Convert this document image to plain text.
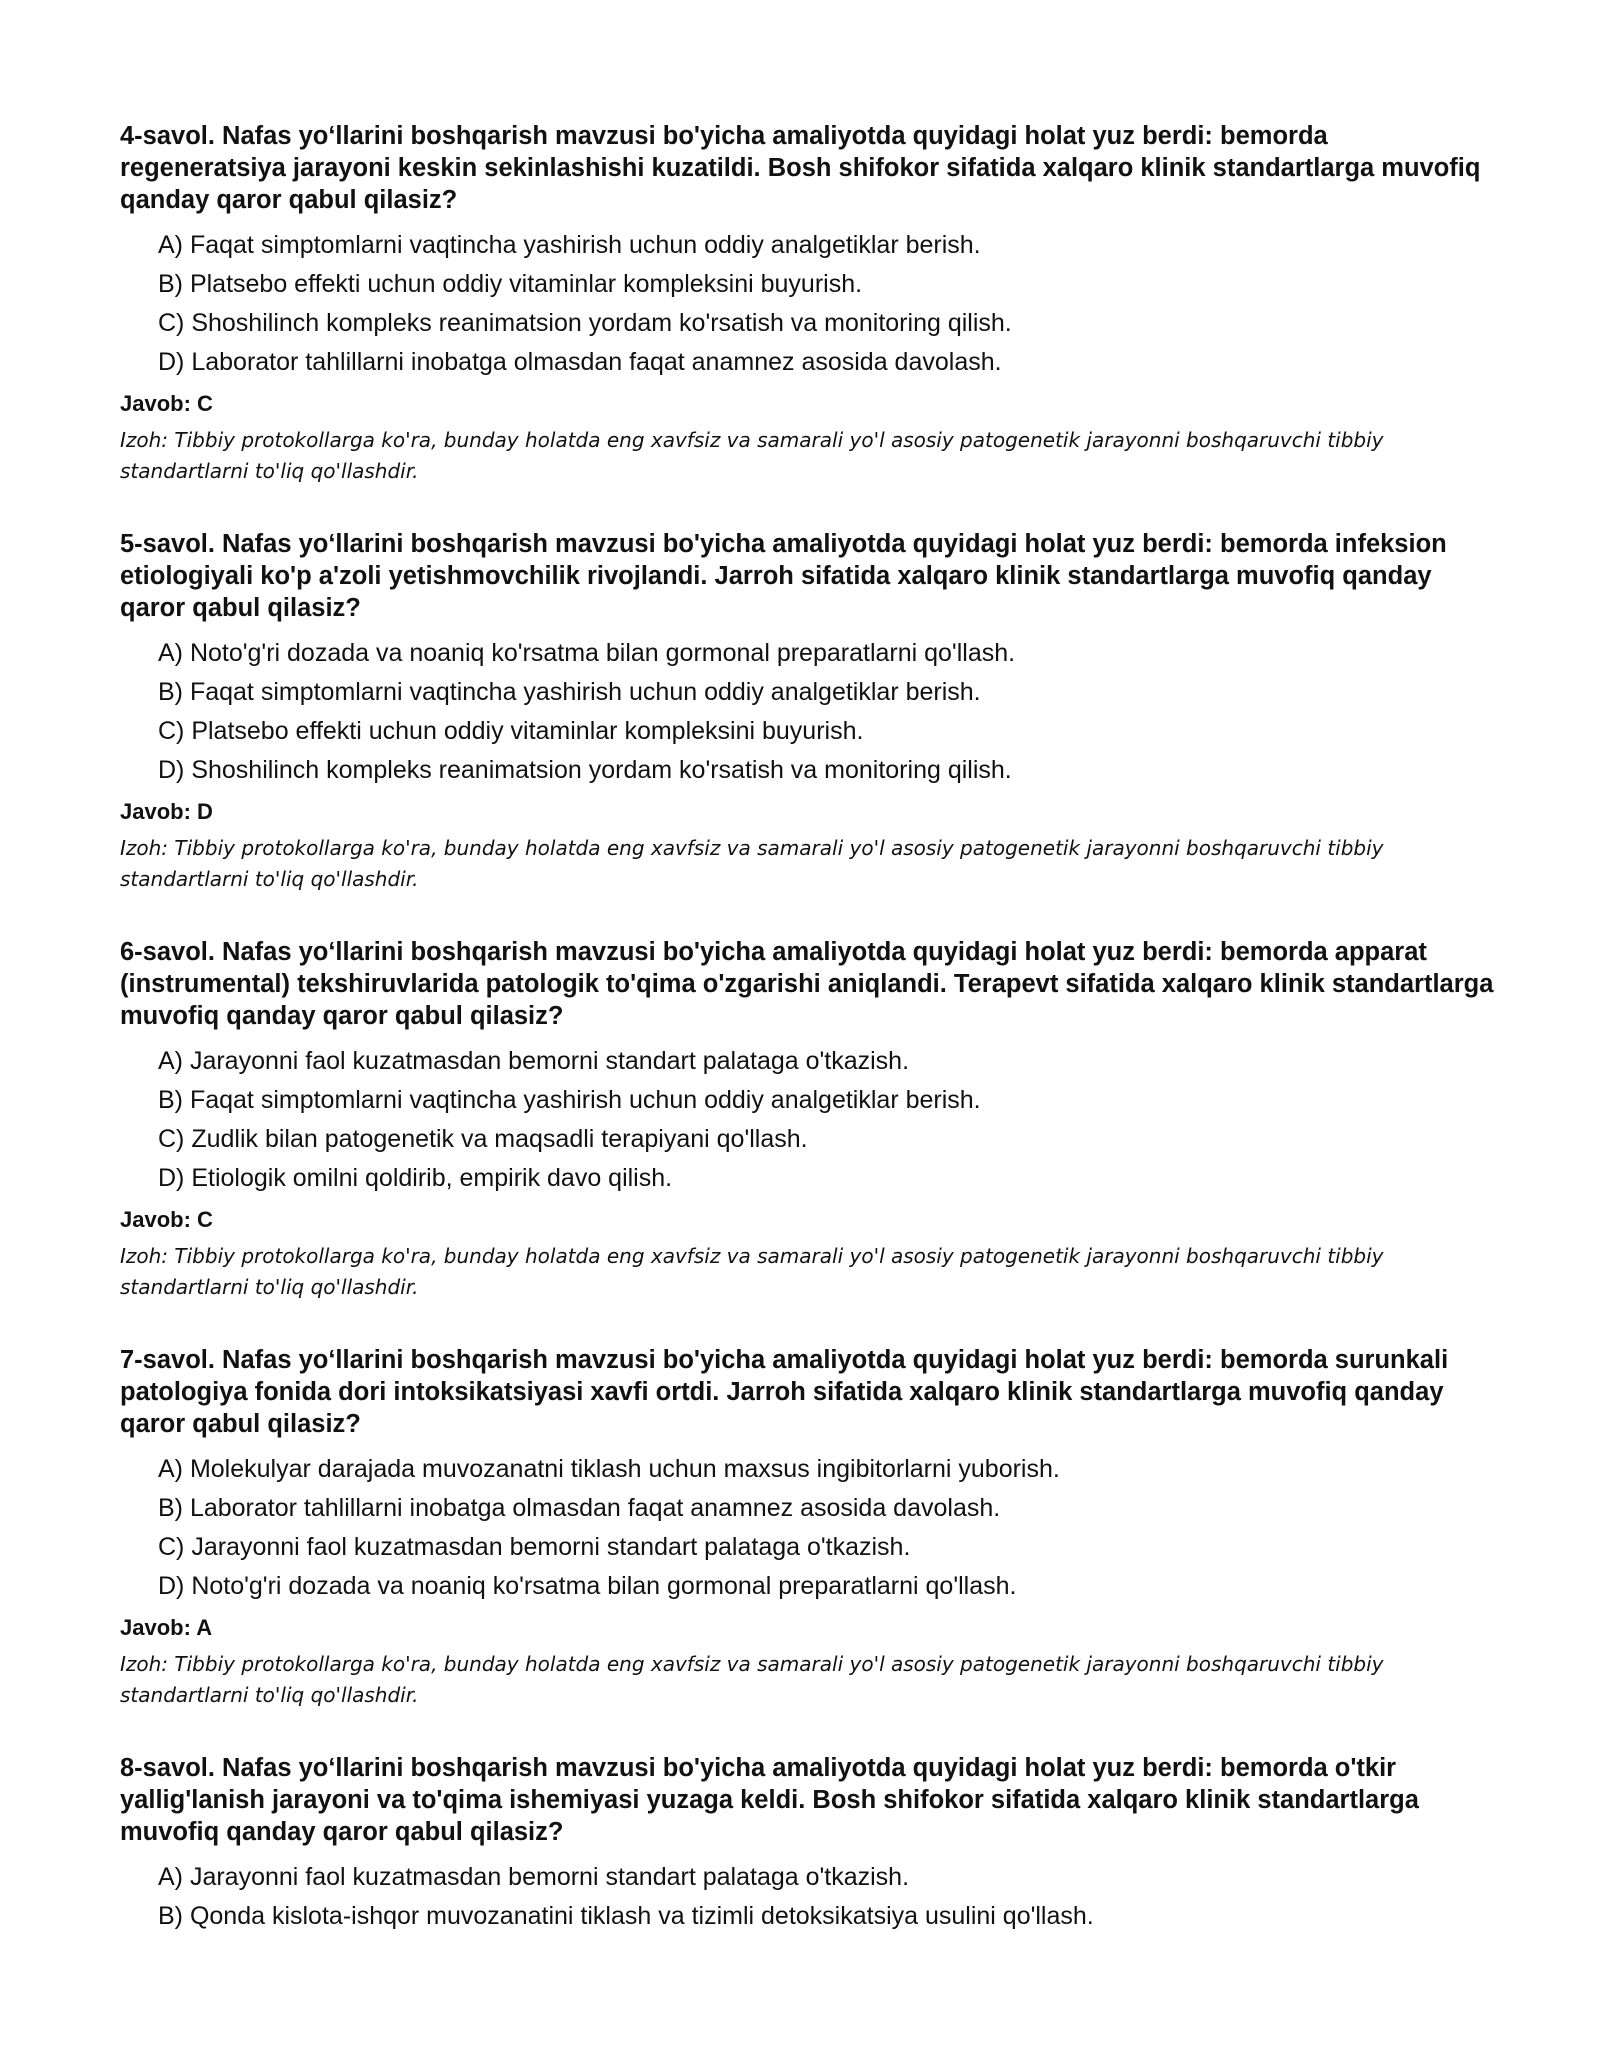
4-savol. Nafas yo‘llarini boshqarish mavzusi bo'yicha amaliyotda quyidagi holat yuz berdi: bemorda regeneratsiya jarayoni keskin sekinlashishi kuzatildi. Bosh shifokor sifatida xalqaro klinik standartlarga muvofiq qanday qaror qabul qilasiz?

A) Faqat simptomlarni vaqtincha yashirish uchun oddiy analgetiklar berish.
B) Platsebo effekti uchun oddiy vitaminlar kompleksini buyurish.
C) Shoshilinch kompleks reanimatsion yordam ko'rsatish va monitoring qilish.
D) Laborator tahlillarni inobatga olmasdan faqat anamnez asosida davolash.

Javob: C

Izoh: Tibbiy protokollarga ko'ra, bunday holatda eng xavfsiz va samarali yo'l asosiy patogenetik jarayonni boshqaruvchi tibbiy standartlarni to'liq qo'llashdir.

5-savol. Nafas yo‘llarini boshqarish mavzusi bo'yicha amaliyotda quyidagi holat yuz berdi: bemorda infeksion etiologiyali ko'p a'zoli yetishmovchilik rivojlandi. Jarroh sifatida xalqaro klinik standartlarga muvofiq qanday qaror qabul qilasiz?

A) Noto'g'ri dozada va noaniq ko'rsatma bilan gormonal preparatlarni qo'llash.
B) Faqat simptomlarni vaqtincha yashirish uchun oddiy analgetiklar berish.
C) Platsebo effekti uchun oddiy vitaminlar kompleksini buyurish.
D) Shoshilinch kompleks reanimatsion yordam ko'rsatish va monitoring qilish.

Javob: D

Izoh: Tibbiy protokollarga ko'ra, bunday holatda eng xavfsiz va samarali yo'l asosiy patogenetik jarayonni boshqaruvchi tibbiy standartlarni to'liq qo'llashdir.

6-savol. Nafas yo‘llarini boshqarish mavzusi bo'yicha amaliyotda quyidagi holat yuz berdi: bemorda apparat (instrumental) tekshiruvlarida patologik to'qima o'zgarishi aniqlandi. Terapevt sifatida xalqaro klinik standartlarga muvofiq qanday qaror qabul qilasiz?

A) Jarayonni faol kuzatmasdan bemorni standart palataga o'tkazish.
B) Faqat simptomlarni vaqtincha yashirish uchun oddiy analgetiklar berish.
C) Zudlik bilan patogenetik va maqsadli terapiyani qo'llash.
D) Etiologik omilni qoldirib, empirik davo qilish.

Javob: C

Izoh: Tibbiy protokollarga ko'ra, bunday holatda eng xavfsiz va samarali yo'l asosiy patogenetik jarayonni boshqaruvchi tibbiy standartlarni to'liq qo'llashdir.

7-savol. Nafas yo‘llarini boshqarish mavzusi bo'yicha amaliyotda quyidagi holat yuz berdi: bemorda surunkali patologiya fonida dori intoksikatsiyasi xavfi ortdi. Jarroh sifatida xalqaro klinik standartlarga muvofiq qanday qaror qabul qilasiz?

A) Molekulyar darajada muvozanatni tiklash uchun maxsus ingibitorlarni yuborish.
B) Laborator tahlillarni inobatga olmasdan faqat anamnez asosida davolash.
C) Jarayonni faol kuzatmasdan bemorni standart palataga o'tkazish.
D) Noto'g'ri dozada va noaniq ko'rsatma bilan gormonal preparatlarni qo'llash.

Javob: A

Izoh: Tibbiy protokollarga ko'ra, bunday holatda eng xavfsiz va samarali yo'l asosiy patogenetik jarayonni boshqaruvchi tibbiy standartlarni to'liq qo'llashdir.

8-savol. Nafas yo‘llarini boshqarish mavzusi bo'yicha amaliyotda quyidagi holat yuz berdi: bemorda o'tkir yallig'lanish jarayoni va to'qima ishemiyasi yuzaga keldi. Bosh shifokor sifatida xalqaro klinik standartlarga muvofiq qanday qaror qabul qilasiz?

A) Jarayonni faol kuzatmasdan bemorni standart palataga o'tkazish.
B) Qonda kislota-ishqor muvozanatini tiklash va tizimli detoksikatsiya usulini qo'llash.
